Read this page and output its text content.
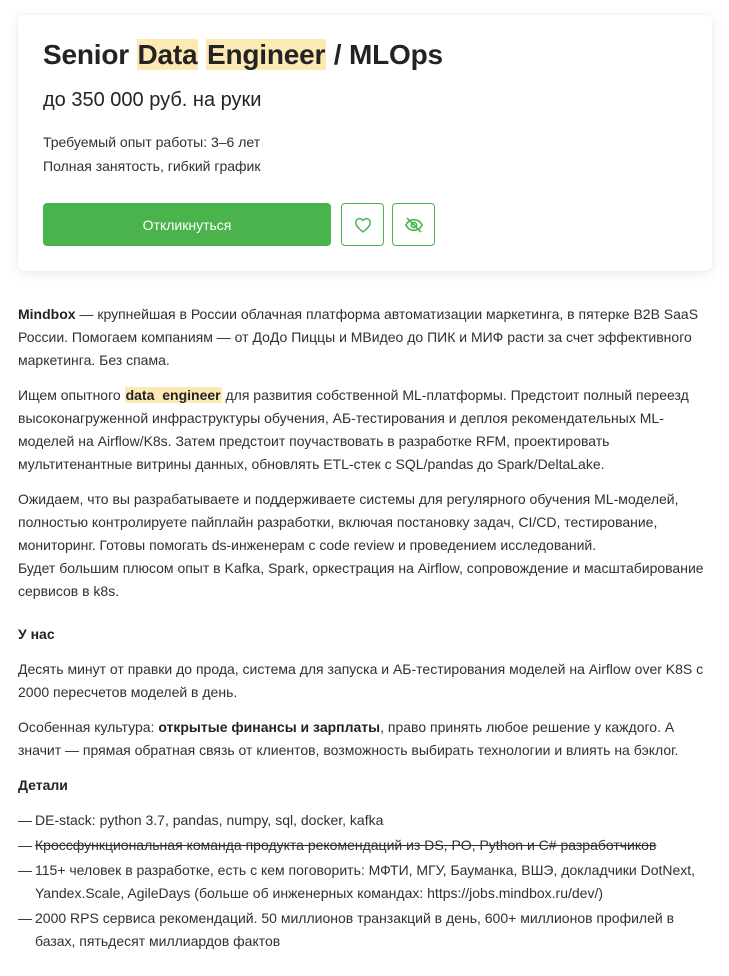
Senior Data Engineer / MLOps
до 350 000 руб. на руки
Требуемый опыт работы: 3–6 лет
Полная занятость, гибкий график
Откликнуться

Mindbox — крупнейшая в России облачная платформа автоматизации маркетинга, в пятерке B2B SaaS России. Помогаем компаниям — от ДоДо Пиццы и МВидео до ПИК и МИФ расти за счет эффективного маркетинга. Без спама.

Ищем опытного data engineer для развития собственной ML-платформы. Предстоит полный переезд высоконагруженной инфраструктуры обучения, АБ-тестирования и деплоя рекомендательных ML-моделей на Airflow/K8s. Затем предстоит поучаствовать в разработке RFM, проектировать мультитенантные витрины данных, обновлять ETL-стек с SQL/pandas до Spark/DeltaLake.

Ожидаем, что вы разрабатываете и поддерживаете системы для регулярного обучения ML-моделей, полностью контролируете пайплайн разработки, включая постановку задач, CI/CD, тестирование, мониторинг. Готовы помогать ds-инженерам с code review и проведением исследований.
Будет большим плюсом опыт в Kafka, Spark, оркестрация на Airflow, сопровождение и масштабирование сервисов в k8s.

У нас

Десять минут от правки до прода, система для запуска и АБ-тестирования моделей на Airflow over K8S с 2000 пересчетов моделей в день.

Особенная культура: открытые финансы и зарплаты, право принять любое решение у каждого. А значит — прямая обратная связь от клиентов, возможность выбирать технологии и влиять на бэклог.

Детали
— DE-stack: python 3.7, pandas, numpy, sql, docker, kafka
— Кроссфункциональная команда продукта рекомендаций из DS, PO, Python и C# разработчиков
— 115+ человек в разработке, есть с кем поговорить: МФТИ, МГУ, Бауманка, ВШЭ, докладчики DotNext, Yandex.Scale, AgileDays (больше об инженерных командах: https://jobs.mindbox.ru/dev/)
— 2000 RPS сервиса рекомендаций. 50 миллионов транзакций в день, 600+ миллионов профилей в базах, пятьдесят миллиардов фактов
